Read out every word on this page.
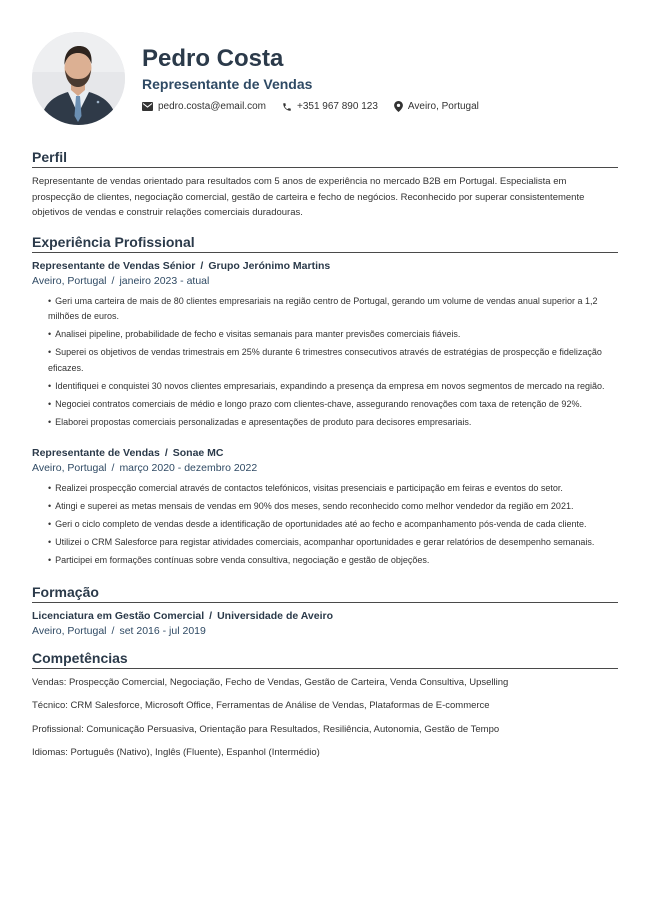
Pedro Costa
Representante de Vendas
pedro.costa@email.com	+351 967 890 123	Aveiro, Portugal
Perfil

Representante de vendas orientado para resultados com 5 anos de experiência no mercado B2B em Portugal. Especialista em prospecção de clientes, negociação comercial, gestão de carteira e fecho de negócios. Reconhecido por superar consistentemente objetivos de vendas e construir relações comerciais duradouras.

Experiência Profissional
Representante de Vendas Sénior / Grupo Jerónimo Martins
Aveiro, Portugal / janeiro 2023 - atual
• Geri uma carteira de mais de 80 clientes empresariais na região centro de Portugal, gerando um volume de vendas anual superior a 1,2 milhões de euros.
• Analisei pipeline, probabilidade de fecho e visitas semanais para manter previsões comerciais fiáveis.
• Superei os objetivos de vendas trimestrais em 25% durante 6 trimestres consecutivos através de estratégias de prospecção e fidelização eficazes.
• Identifiquei e conquistei 30 novos clientes empresariais, expandindo a presença da empresa em novos segmentos de mercado na região.
• Negociei contratos comerciais de médio e longo prazo com clientes-chave, assegurando renovações com taxa de retenção de 92%.
• Elaborei propostas comerciais personalizadas e apresentações de produto para decisores empresariais.
Representante de Vendas / Sonae MC
Aveiro, Portugal / março 2020 - dezembro 2022
• Realizei prospecção comercial através de contactos telefónicos, visitas presenciais e participação em feiras e eventos do setor.
• Atingi e superei as metas mensais de vendas em 90% dos meses, sendo reconhecido como melhor vendedor da região em 2021.
• Geri o ciclo completo de vendas desde a identificação de oportunidades até ao fecho e acompanhamento pós-venda de cada cliente.
• Utilizei o CRM Salesforce para registar atividades comerciais, acompanhar oportunidades e gerar relatórios de desempenho semanais.
• Participei em formações contínuas sobre venda consultiva, negociação e gestão de objeções.
Formação
Licenciatura em Gestão Comercial / Universidade de Aveiro
Aveiro, Portugal / set 2016 - jul 2019
Competências
Vendas: Prospecção Comercial, Negociação, Fecho de Vendas, Gestão de Carteira, Venda Consultiva, Upselling
Técnico: CRM Salesforce, Microsoft Office, Ferramentas de Análise de Vendas, Plataformas de E-commerce
Profissional: Comunicação Persuasiva, Orientação para Resultados, Resiliência, Autonomia, Gestão de Tempo
Idiomas: Português (Nativo), Inglês (Fluente), Espanhol (Intermédio)
